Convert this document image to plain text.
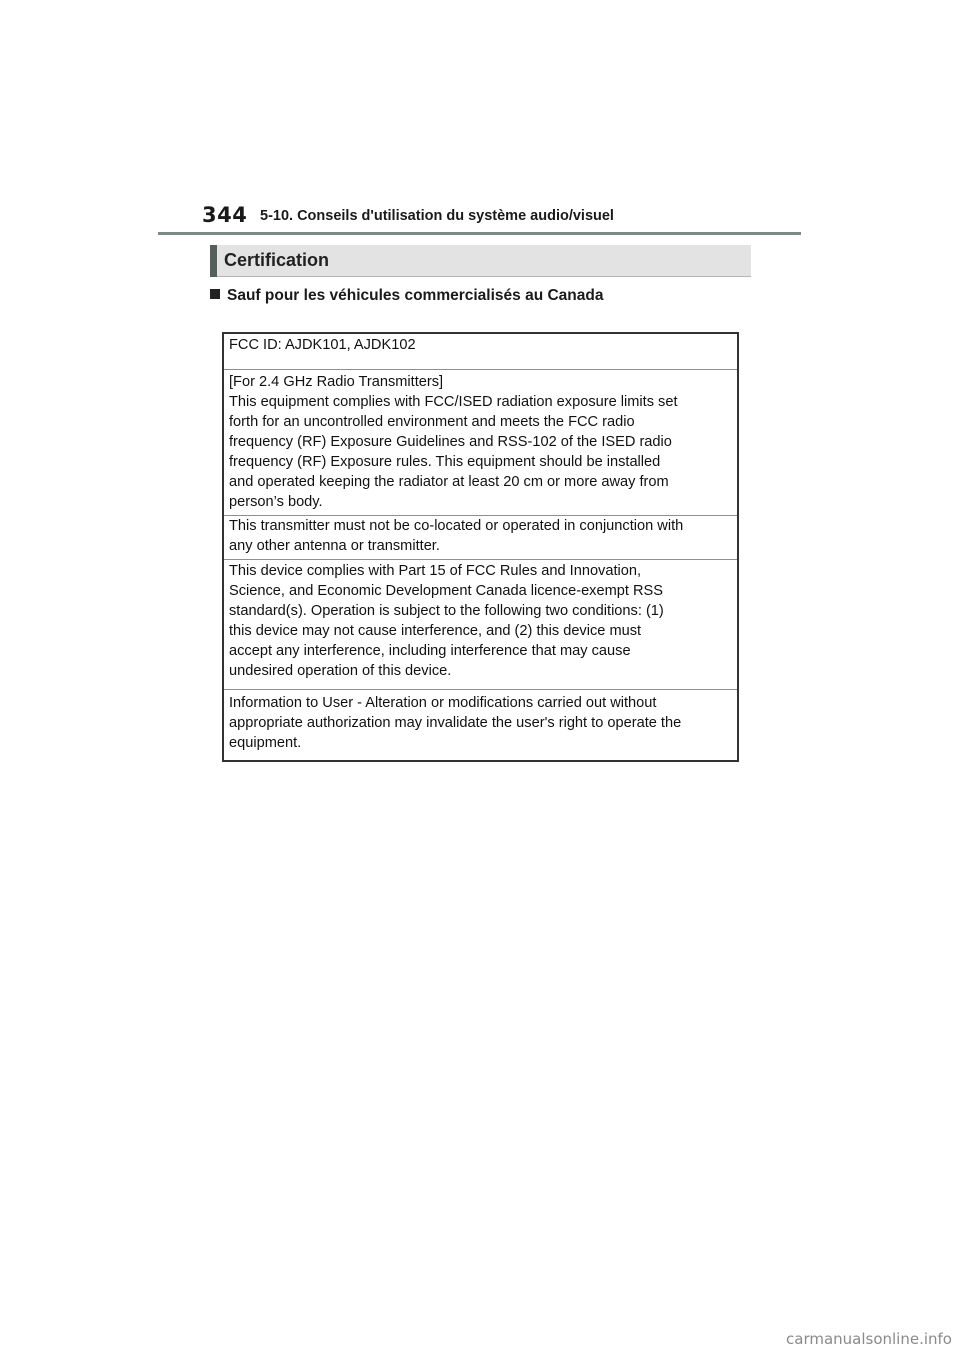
344 5-10. Conseils d'utilisation du système audio/visuel
Certification
Sauf pour les véhicules commercialisés au Canada
FCC ID: AJDK101, AJDK102
[For 2.4 GHz Radio Transmitters]
This equipment complies with FCC/ISED radiation exposure limits set
forth for an uncontrolled environment and meets the FCC radio
frequency (RF) Exposure Guidelines and RSS-102 of the ISED radio
frequency (RF) Exposure rules. This equipment should be installed
and operated keeping the radiator at least 20 cm or more away from
person’s body.
This transmitter must not be co-located or operated in conjunction with
any other antenna or transmitter.
This device complies with Part 15 of FCC Rules and Innovation,
Science, and Economic Development Canada licence-exempt RSS
standard(s). Operation is subject to the following two conditions: (1)
this device may not cause interference, and (2) this device must
accept any interference, including interference that may cause
undesired operation of this device.
Information to User - Alteration or modifications carried out without
appropriate authorization may invalidate the user's right to operate the
equipment.
carmanualsonline.info
